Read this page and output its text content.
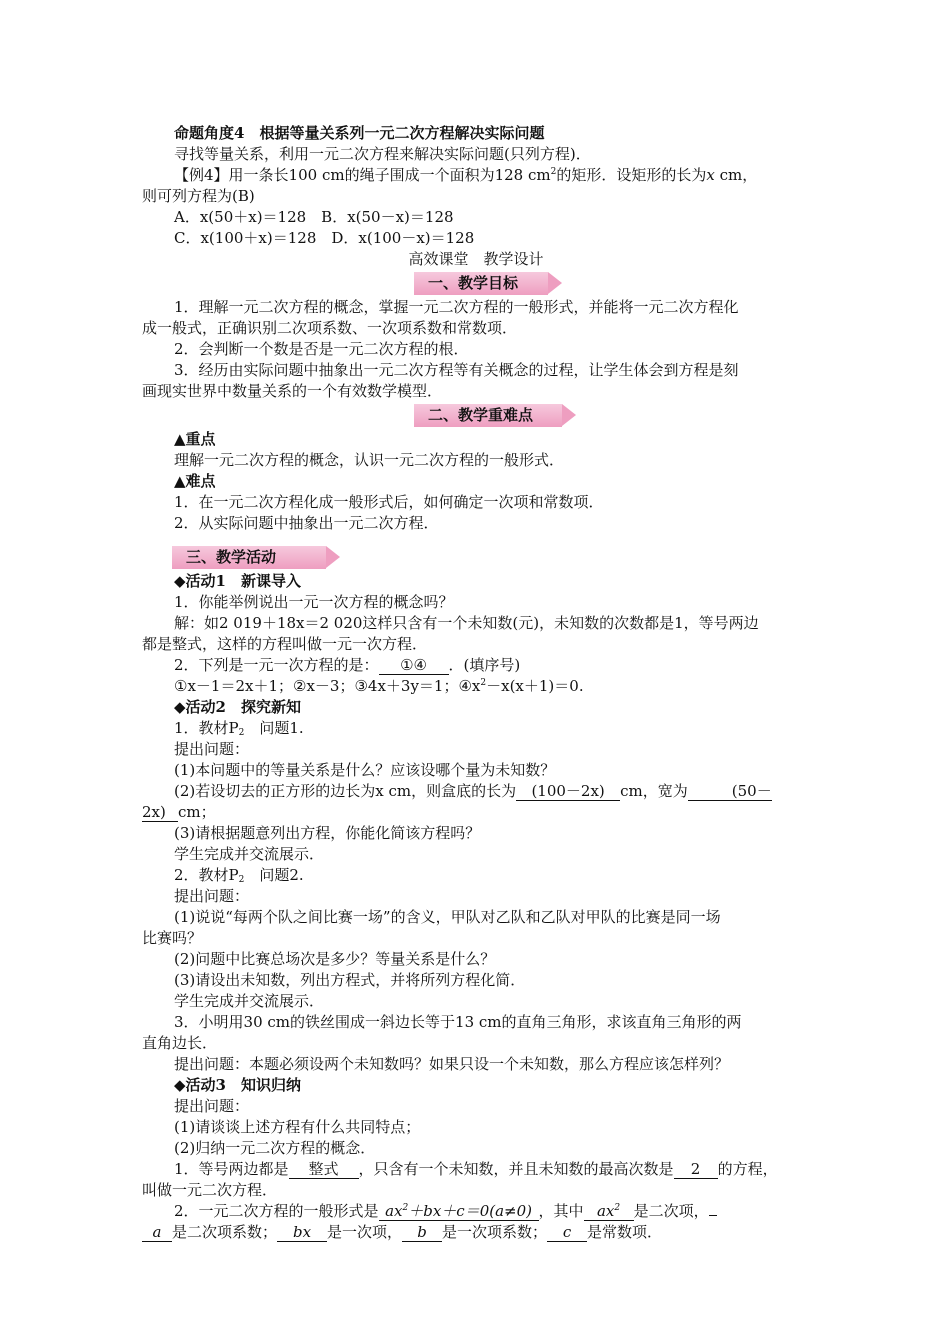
命题角度4　根据等量关系列一元二次方程解决实际问题
寻找等量关系，利用一元二次方程来解决实际问题(只列方程)．
【例4】用一条长100 cm的绳子围成一个面积为128 $cm^2$的矩形．设矩形的长为x cm，
则可列方程为(B)
A．x(50＋x)＝128　B．x(50－x)＝128
C．x(100＋x)＝128　D．x(100－x)＝128
高效课堂　教学设计
一、教学目标
1．理解一元二次方程的概念，掌握一元二次方程的一般形式，并能将一元二次方程化
成一般式，正确识别二次项系数、一次项系数和常数项．
2．会判断一个数是否是一元二次方程的根．
3．经历由实际问题中抽象出一元二次方程等有关概念的过程，让学生体会到方程是刻
画现实世界中数量关系的一个有效数学模型．
二、教学重难点
▲重点
理解一元二次方程的概念，认识一元二次方程的一般形式．
▲难点
1．在一元二次方程化成一般形式后，如何确定一次项和常数项．
2．从实际问题中抽象出一元二次方程．
三、教学活动
◆活动1　新课导入
1．你能举例说出一元一次方程的概念吗？
解：如2 019＋18x＝2 020这样只含有一个未知数(元)，未知数的次数都是1，等号两边
都是整式，这样的方程叫做一元一次方程．
2．下列是一元一次方程的是： ①④ ．(填序号)
①x－1＝2x＋1；②x－3；③4x＋3y＝1；$④x^2-x(x+1)=0$.
◆活动2　探究新知
1．教材$P_2$　问题1.
提出问题：
(1)本问题中的等量关系是什么？应该设哪个量为未知数？
(2)若设切去的正方形的边长为x cm，则盒底的长为 (100－2x) cm，宽为	(50－
2x) cm；
(3)请根据题意列出方程，你能化简该方程吗？
学生完成并交流展示．
2．教材$P_2$　问题2.
提出问题：
(1)说说“每两个队之间比赛一场”的含义，甲队对乙队和乙队对甲队的比赛是同一场
比赛吗？
(2)问题中比赛总场次是多少？等量关系是什么？
(3)请设出未知数，列出方程式，并将所列方程化简．
学生完成并交流展示．
3．小明用30 cm的铁丝围成一斜边长等于13 cm的直角三角形，求该直角三角形的两
直角边长．
提出问题：本题必须设两个未知数吗？如果只设一个未知数，那么方程应该怎样列？
◆活动3　知识归纳
提出问题：
(1)请谈谈上述方程有什么共同特点；
(2)归纳一元二次方程的概念．
1．等号两边都是 整式 ，只含有一个未知数，并且未知数的最高次数是 2 的方程，
叫做一元二次方程．
2．一元二次方程的一般形式是 $ax^2+bx+c=0(a\ne 0)$ ，其中 $ax^2$ 是二次项，
a 是二次项系数； bx 是一次项， b 是一次项系数； c 是常数项．
